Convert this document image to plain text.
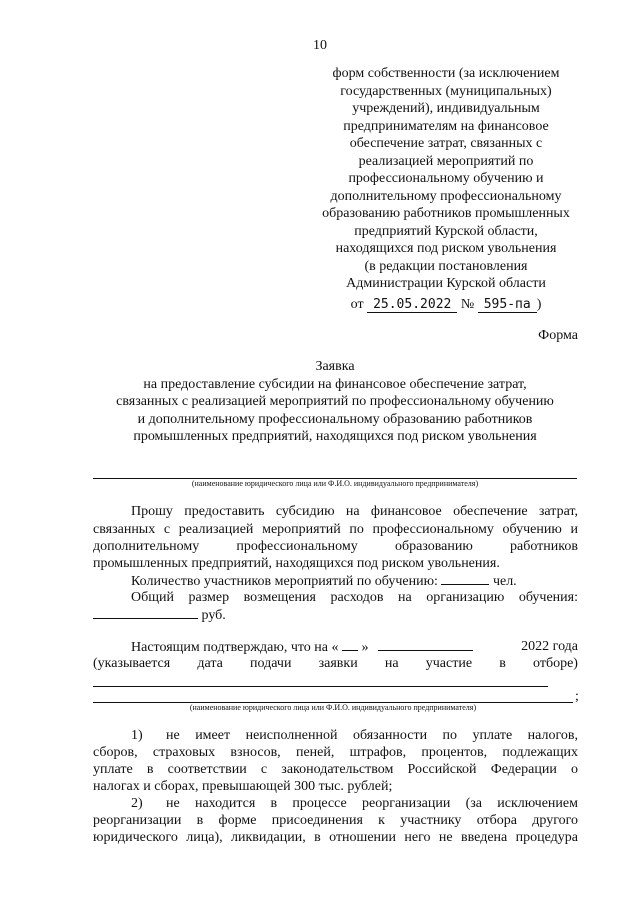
10
форм собственности (за исключением
государственных (муниципальных)
учреждений), индивидуальным
предпринимателям на финансовое
обеспечение затрат, связанных с
реализацией мероприятий по
профессиональному обучению и
дополнительному профессиональному
образованию работников промышленных
предприятий Курской области,
находящихся под риском увольнения
(в редакции постановления
Администрации Курской области
от 25.05.2022 № 595-па )
Форма
Заявка
на предоставление субсидии на финансовое обеспечение затрат,
связанных с реализацией мероприятий по профессиональному обучению
и дополнительному профессиональному образованию работников
промышленных предприятий, находящихся под риском увольнения
(наименование юридического лица или Ф.И.О. индивидуального предпринимателя)
Прошу предоставить субсидию на финансовое обеспечение затрат,
связанных с реализацией мероприятий по профессиональному обучению и
дополнительному профессиональному образованию работников
промышленных предприятий, находящихся под риском увольнения.
Количество участников мероприятий по обучению:	чел.
Общий размер возмещения расходов на организацию обучения:
руб.
Настоящим подтверждаю, что на « »	2022 года
(указывается дата подачи заявки на участие в отборе)
;
(наименование юридического лица или Ф.И.О. индивидуального предпринимателя)
1) не имеет неисполненной обязанности по уплате налогов,
сборов, страховых взносов, пеней, штрафов, процентов, подлежащих
уплате в соответствии с законодательством Российской Федерации о
налогах и сборах, превышающей 300 тыс. рублей;
2) не находится в процессе реорганизации (за исключением
реорганизации в форме присоединения к участнику отбора другого
юридического лица), ликвидации, в отношении него не введена процедура
